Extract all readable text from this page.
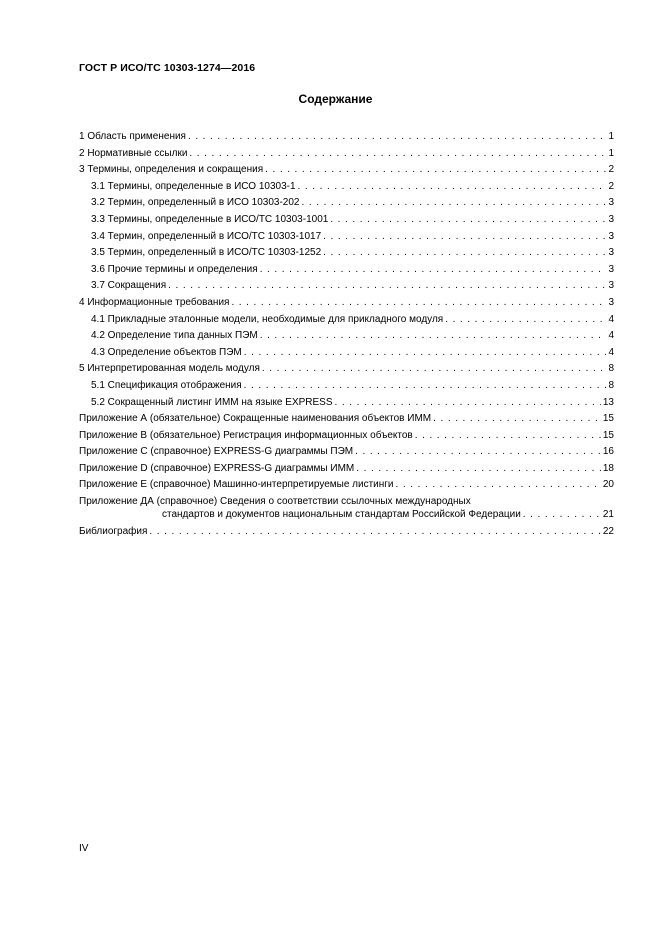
ГОСТ Р ИСО/ТС 10303-1274—2016
Содержание
1 Область применения . . .	1
2 Нормативные ссылки . . .	1
3 Термины, определения и сокращения . . .	2
3.1 Термины, определенные в ИСО 10303-1 . . .	2
3.2 Термин, определенный в ИСО 10303-202 . . .	3
3.3 Термины, определенные в ИСО/ТС 10303-1001 . . .	3
3.4 Термин, определенный в ИСО/ТС 10303-1017 . . .	3
3.5 Термин, определенный в ИСО/ТС 10303-1252 . . .	3
3.6 Прочие термины и определения . . .	3
3.7 Сокращения . . .	3
4 Информационные требования . . .	3
4.1 Прикладные эталонные модели, необходимые для прикладного модуля . . .	4
4.2 Определение типа данных ПЭМ . . .	4
4.3 Определение объектов ПЭМ . . .	4
5 Интерпретированная модель модуля . . .	8
5.1 Спецификация отображения . . .	8
5.2 Сокращенный листинг ИММ на языке EXPRESS . . .	13
Приложение А (обязательное) Сокращенные наименования объектов ИММ . . .	15
Приложение В (обязательное) Регистрация информационных объектов . . .	15
Приложение С (справочное) EXPRESS-G диаграммы ПЭМ . . .	16
Приложение D (справочное) EXPRESS-G диаграммы ИММ . . .	18
Приложение Е (справочное) Машинно-интерпретируемые листинги . . .	20
Приложение ДА (справочное) Сведения о соответствии ссылочных международных
стандартов и документов национальным стандартам Российской Федерации . . .	21
Библиография . . .	22
IV
